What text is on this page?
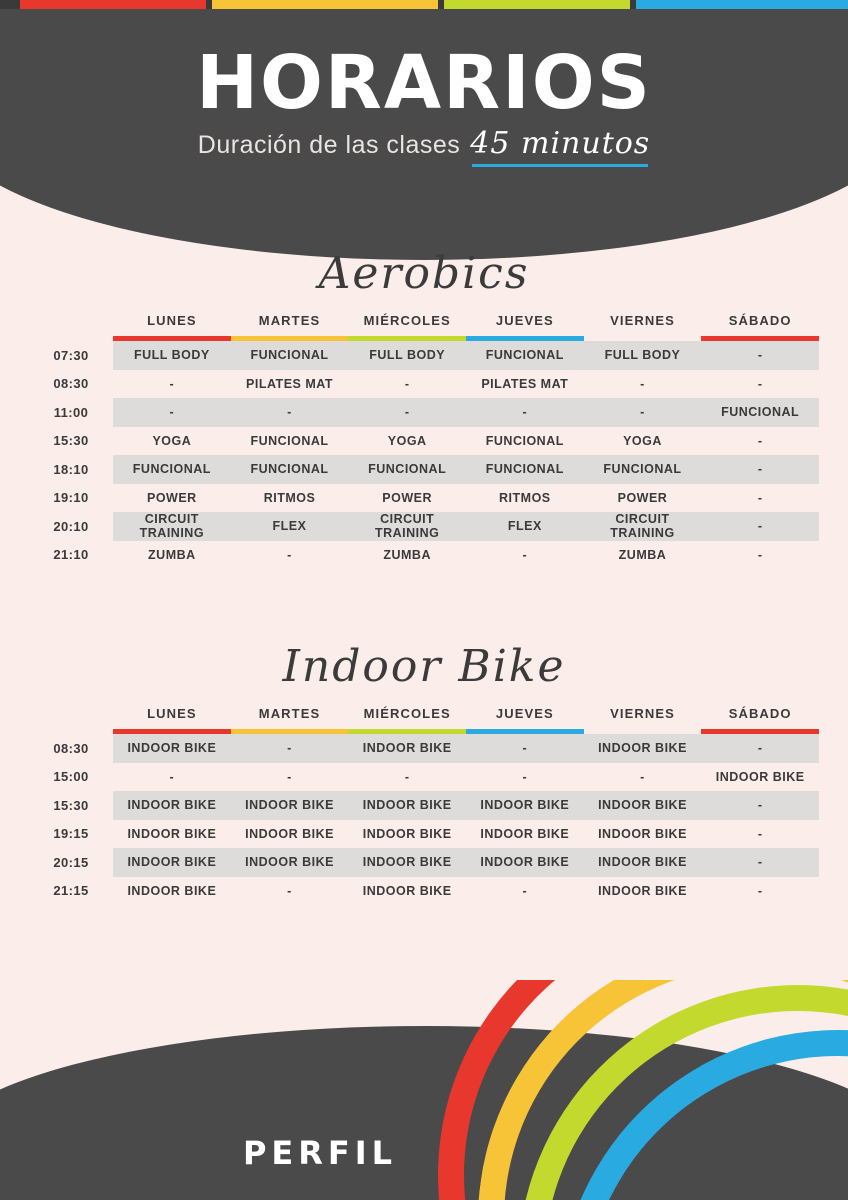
HORARIOS
Duración de las clases 45 minutos
Aerobics
	LUNES	MARTES	MIÉRCOLES	JUEVES	VIERNES	SÁBADO

07:30	FULL BODY	FUNCIONAL	FULL BODY	FUNCIONAL	FULL BODY	-
08:30	-	PILATES MAT	-	PILATES MAT	-	-
11:00	-	-	-	-	-	FUNCIONAL
15:30	YOGA	FUNCIONAL	YOGA	FUNCIONAL	YOGA	-
18:10	FUNCIONAL	FUNCIONAL	FUNCIONAL	FUNCIONAL	FUNCIONAL	-
19:10	POWER	RITMOS	POWER	RITMOS	POWER	-
20:10	CIRCUIT TRAINING	FLEX	CIRCUIT TRAINING	FLEX	CIRCUIT TRAINING	-
21:10	ZUMBA	-	ZUMBA	-	ZUMBA	-
Indoor Bike
	LUNES	MARTES	MIÉRCOLES	JUEVES	VIERNES	SÁBADO

08:30	INDOOR BIKE	-	INDOOR BIKE	-	INDOOR BIKE	-
15:00	-	-	-	-	-	INDOOR BIKE
15:30	INDOOR BIKE	INDOOR BIKE	INDOOR BIKE	INDOOR BIKE	INDOOR BIKE	-
19:15	INDOOR BIKE	INDOOR BIKE	INDOOR BIKE	INDOOR BIKE	INDOOR BIKE	-
20:15	INDOOR BIKE	INDOOR BIKE	INDOOR BIKE	INDOOR BIKE	INDOOR BIKE	-
21:15	INDOOR BIKE	-	INDOOR BIKE	-	INDOOR BIKE	-
PERFIL
